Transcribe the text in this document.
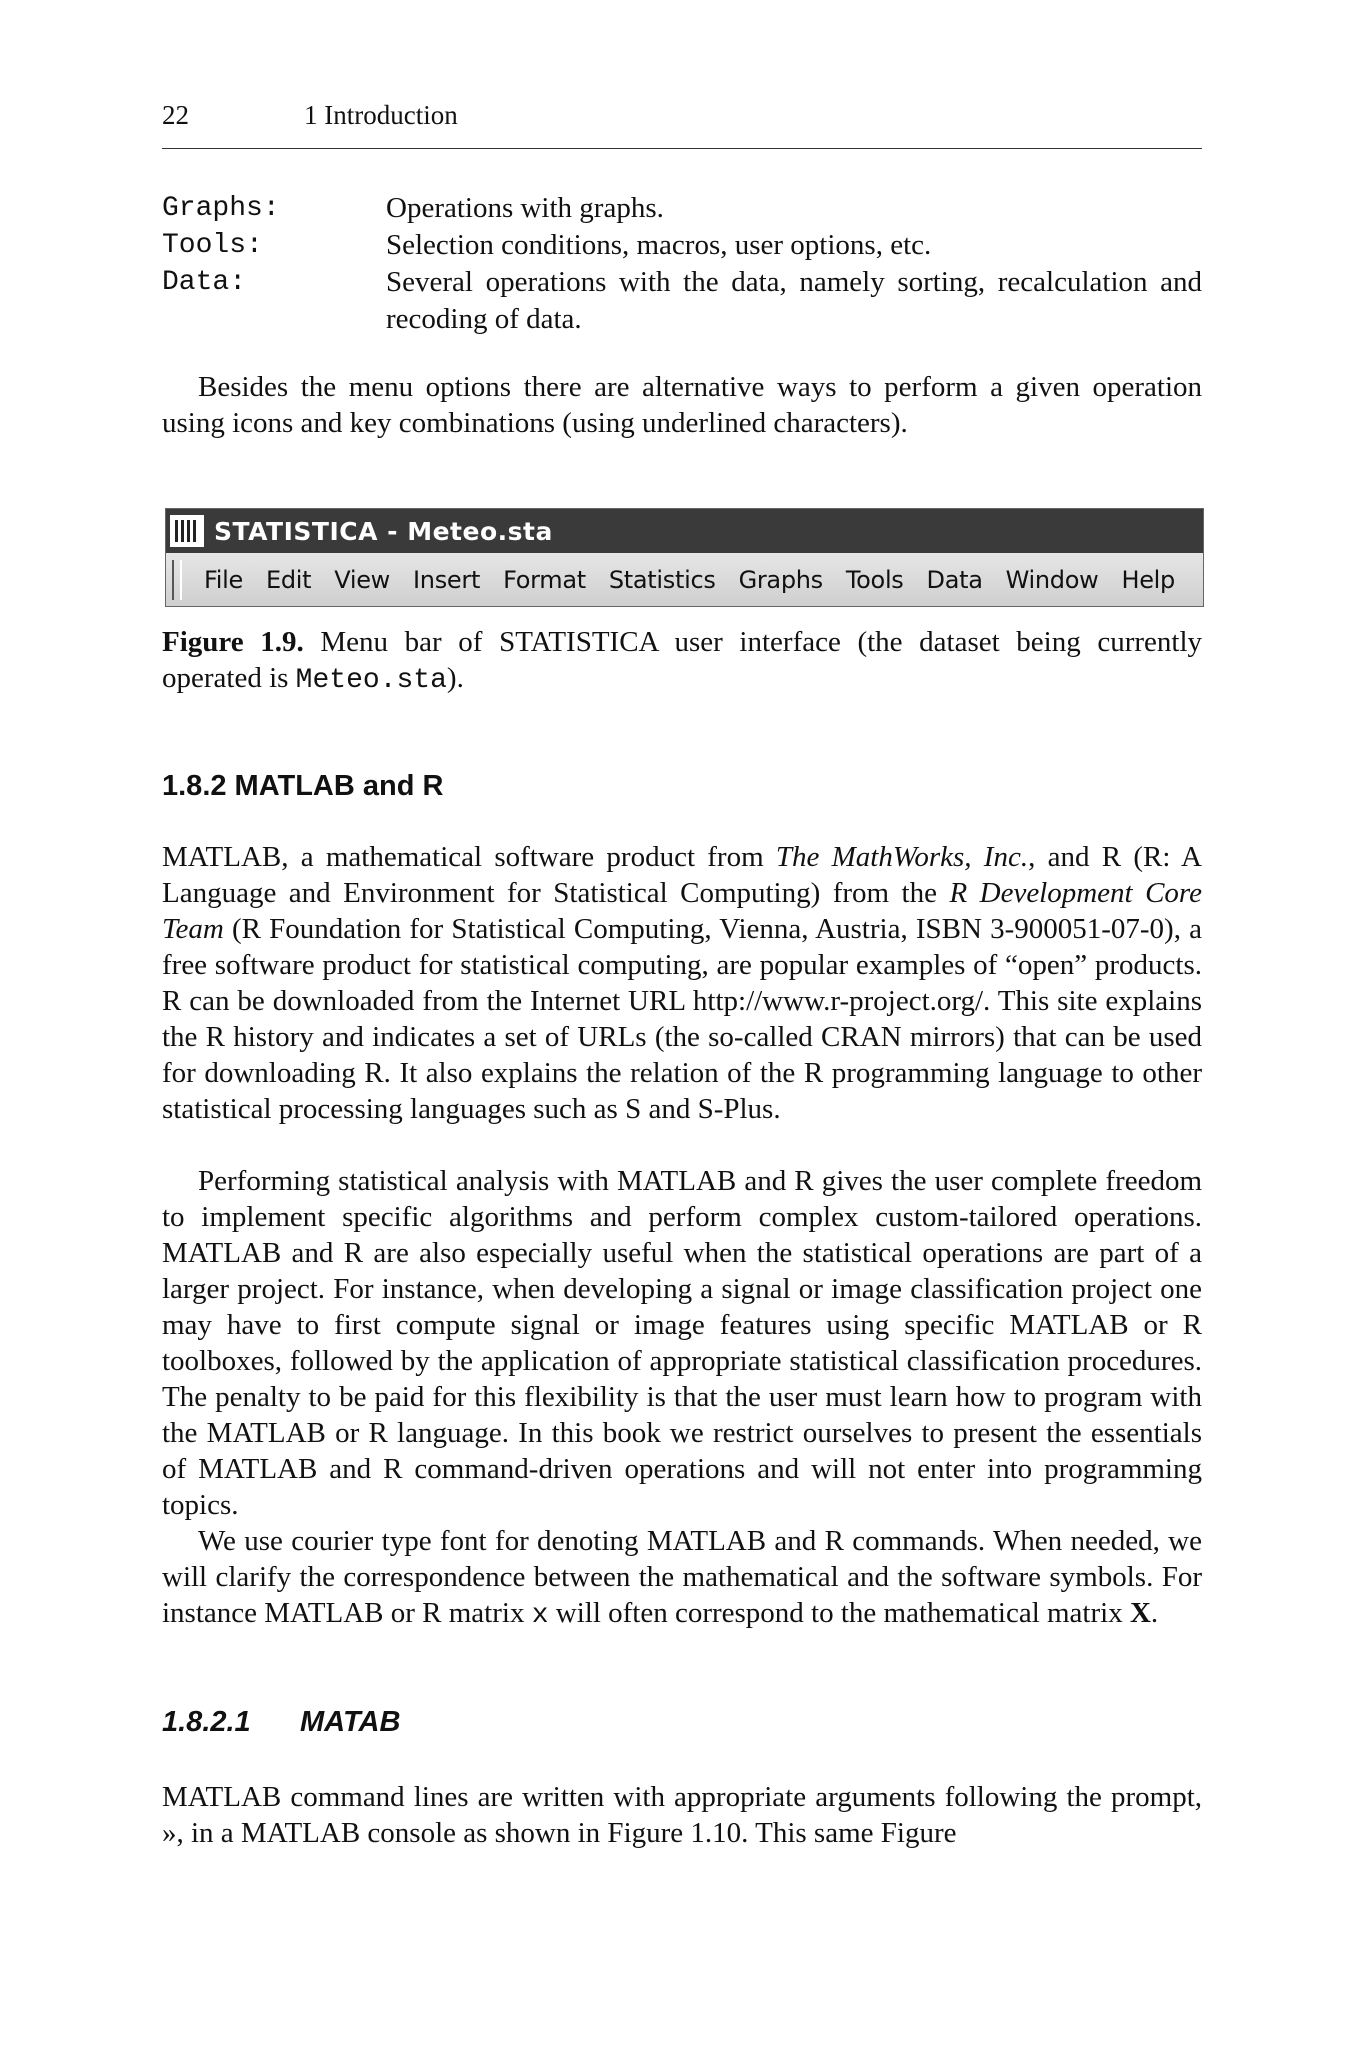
22	1 Introduction
Graphs:	Operations with graphs.
Tools:	Selection conditions, macros, user options, etc.
Data:	Several operations with the data, namely sorting, recalculation and recoding of data.

Besides the menu options there are alternative ways to perform a given operation using icons and key combinations (using underlined characters).

STATISTICA - Meteo.sta
File Edit View Insert Format Statistics Graphs Tools Data Window Help

Figure 1.9. Menu bar of STATISTICA user interface (the dataset being currently operated is Meteo.sta).

1.8.2 MATLAB and R

MATLAB, a mathematical software product from The MathWorks, Inc., and R (R: A Language and Environment for Statistical Computing) from the R Development Core Team (R Foundation for Statistical Computing, Vienna, Austria, ISBN 3-900051-07-0), a free software product for statistical computing, are popular examples of “open” products. R can be downloaded from the Internet URL http://www.r-project.org/. This site explains the R history and indicates a set of URLs (the so-called CRAN mirrors) that can be used for downloading R. It also explains the relation of the R programming language to other statistical processing languages such as S and S-Plus.

Performing statistical analysis with MATLAB and R gives the user complete freedom to implement specific algorithms and perform complex custom-tailored operations. MATLAB and R are also especially useful when the statistical operations are part of a larger project. For instance, when developing a signal or image classification project one may have to first compute signal or image features using specific MATLAB or R toolboxes, followed by the application of appropriate statistical classification procedures. The penalty to be paid for this flexibility is that the user must learn how to program with the MATLAB or R language. In this book we restrict ourselves to present the essentials of MATLAB and R command-driven operations and will not enter into programming topics.

We use courier type font for denoting MATLAB and R commands. When needed, we will clarify the correspondence between the mathematical and the software symbols. For instance MATLAB or R matrix x will often correspond to the mathematical matrix X.

1.8.2.1 MATAB

MATLAB command lines are written with appropriate arguments following the prompt, », in a MATLAB console as shown in Figure 1.10. This same Figure
